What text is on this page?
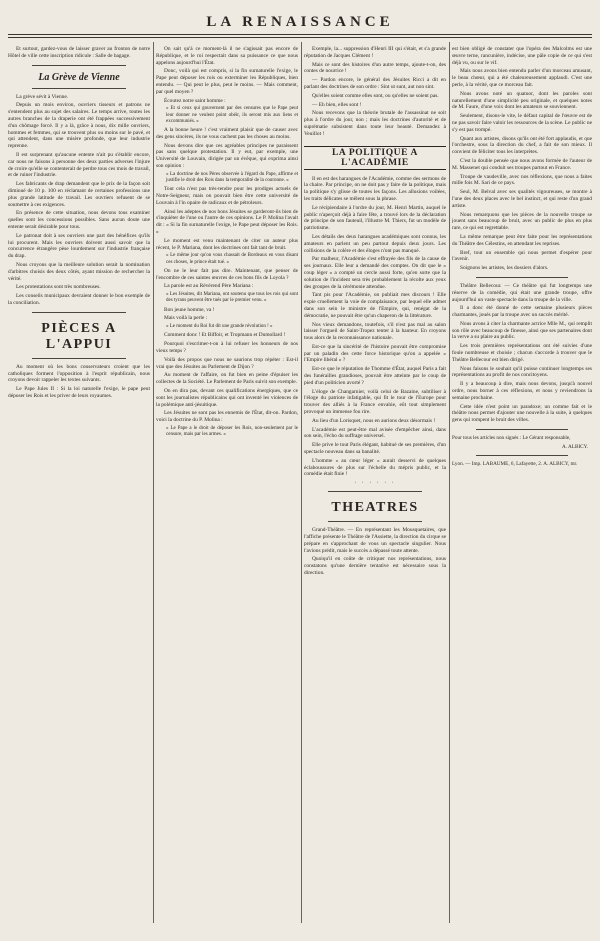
LA RENAISSANCE

Et surtout, gardez-vous de laisser graver au fronton de notre Hôtel de ville cette inscription ridicule : Salle de bagage.

La Grève de Vienne

La grève sévit à Vienne.

Depuis un mois environ, ouvriers tisseurs et patrons ne s'entendent plus au sujet des salaires. Le temps arrive, toutes les autres branches de la draperie ont été frappées successivement d'un chômage forcé. Il y a là, grâce à nous, dix mille ouvriers, hommes et femmes, qui se trouvent plus ou moins sur le pavé, et qui attendent, dans une misère profonde, que leur industrie reprenne.

Il est surprenant qu'aucune entente n'ait pu s'établir encore, car nous ne faisons à personne des deux parties adverses l'injure de croire qu'elle se contenterait de perdre tous ces mois de travail, et de ruiner l'industrie.

Les fabricants de drap demandent que le prix de la façon soit diminué de 10 p. 100 en réclamant de certaines professions une plus grande latitude de travail. Les ouvriers refusent de se soumettre à ces exigences.

En présence de cette situation, nous devons tous examiner quelles sont les concessions possibles. Sans aucun doute une entente serait désirable pour tous.

Le patronat doit à ses ouvriers une part des bénéfices qu'ils lui procurent. Mais les ouvriers doivent aussi savoir que la concurrence étrangère pèse lourdement sur l'industrie française du drap.

Nous croyons que la meilleure solution serait la nomination d'arbitres choisis des deux côtés, ayant mission de rechercher la vérité.

Les protestations sont très nombreuses.

Les conseils municipaux devraient donner le bon exemple de la conciliation.

PIÈCES A L'APPUI

Au moment où les bons conservateurs croient que les catholiques forment l'opposition à l'esprit républicain, nous croyons devoir rappeler les textes suivants.

Le Pape Jules II : Si la loi naturelle l'exige, le pape peut déposer les Rois et les priver de leurs royaumes.

On sait qu'à ce moment-là il ne s'agissait pas encore de République, et le roi respectait dans sa puissance ce que nous appelons aujourd'hui l'État.

Donc, voilà qui est compris, si la fin surnaturelle l'exige, le Pape peut déposer les rois ou exterminer les Républiques, bien entendu. — Qui peut le plus, peut le moins. — Mais comment, par quel moyen ?

Écoutez notre saint homme :

« Et si ceux qui gouvernent par des censures que le Pape peut leur donner ne veulent point obéir, ils seront mis aux liens et excommuniés. »

A la bonne heure ! c'est vraiment plaisir que de causer avec des gens sincères, ils ne vous cachent pas les choses au moins.

Nous devons dire que ces agréables principes ne paraissent pas sans quelque protestation. Il y eut, par exemple, une Université de Louvain, dirigée par un évêque, qui exprima ainsi son opinion :

« La doctrine de nos Pères observée à l'égard du Pape, affirme et justifie le droit des Rois dans la temporalité de la couronne. »

Tout cela n'est pas très-tendre pour les prodiges actuels de Notre-Seigneur, mais on pouvait bien être cette université de Louvain à l'in opaire de radicaux et de pétroleurs.

Ainsi les adeptes de nos bons Jésuites se garderont-ils bien de s'inquiéter de l'une ou l'autre de ces opinions. Le P. Molina l'avait dit : « Si la fin surnaturelle l'exige, le Pape peut déposer les Rois. »

Le moment est venu maintenant de citer un auteur plus récent, le P. Mariana, dont les doctrines ont fait tant de bruit.

« Le même jour qu'on vous chassait de Bordeaux en vous disant ces choses, le prince était tué. »

On ne le leur fait pas dire. Maintenant, que penser de l'encombre de ces saintes œuvres de ces bons fils de Loyola ?

La parole est au Révérend Père Mariana :

« Les Jésuites, dit Mariana, ont soutenu que tous les rois qui sont des tyrans peuvent être tués par le premier venu. »

Bon jeune homme, va !

Mais voilà la perle :

« Le moment du Roi fut dit une grande révolution ! »

Comment donc ! Et Biffoir, et Tropmann et Dumollard !

Pourquoi s'escrimer-t-on à lui refuser les honneurs de nos vieux temps ?

Voilà des propos que nous ne saurions trop répéter : Est-il vrai que des Jésuites au Parlement de Dijon ?

Au moment de l'affaire, on fut bien en peine d'épuiser les collectes de la Société. Le Parlement de Paris suivit son exemple.

On en dira pas, devant ces qualifications énergiques, que ce sont les journalistes républicains qui ont inventé les violences de la polémique anti-jésuitique.

Les Jésuites ne sont pas les ennemis de l'État, dit-on. Pardon, voici la doctrine du P. Molina :

« Le Pape a le droit de déposer les Rois, non-seulement par le censure, mais par les armes. »

Exemple, la... suppression d'Henri III qui s'était, et s'a grande réputation de Jacques Clément !

Mais ce sont des histoires d'un autre temps, ajoute-t-on, des contes de nourrice !

— Pardon encore, le général des Jésuites Ricci a dit en parlant des doctrines de son ordre : Sint ut sunt, aut non sint.

Qu'elles soient comme elles sont, ou qu'elles ne soient pas.

— Eh bien, elles sont !

Nous recevons que la théorie brutale de l'assassinat ne soit plus à l'ordre du jour, non ; mais les doctrines d'autorité et de suprématie subsistent dans toute leur beauté. Demandez à Veuillot !

LA POLITIQUE A L'ACADÉMIE

Il en est des harangues de l'Académie, comme des sermons de la chaire. Par principe, on ne doit pas y faire de la politique, mais la politique s'y glisse de toutes les façons. Les allusions voilées, les traits délicates se mêlent sous la phrase.

Le récipiendaire à l'ordre du jour, M. Henri Martin, auquel le public n'aperçoit déjà à faire fête, a trouvé lors de la déclaration de principe de son fauteuil, l'illustre M. Thiers, fut un modèle de patriotisme.

Les détails des deux harangues académiques sont connus, les amateurs en parlent un peu partout depuis deux jours. Les collisions de la colère et des éloges n'ont pas manqué.

Par malheur, l'Académie s'est effrayée des fils de la cause de ses journaux. Elle leur a demandé des comptes. On dit que le « coup léger » a compté un cercle aussi forte, qu'en sorte que la solution de l'incident sera très probablement la récolte aux yeux des groupes de la cérémonie attendue.

Tant pis pour l'Académie, on publiait mes discours ! Elle expie cruellement la voie de complaisance, par lequel elle admet dans son sein le ministre de l'Empire, qui, renégat de la démocratie, ne pouvait être qu'un chaperon de la littérature.

Nos vieux demandons, toutefois, s'il n'est pas mal au salon laisser l'orgueil de Saint-Tropez tenter à la hauteur. En croyons tous alors de la reconnaissance nationale.

Est-ce que la sincérité de l'histoire pouvait être compromise par un paladin des cette force historique qu'on a appelée « l'Empire libéral » ?

Est-ce que le réputation de Thomme d'État, auquel Paris a fait des funérailles grandioses, pouvait être atteinte par le coup de pied d'un politicien avorté ?

L'éloge de Changarnier, voilà celui de Bazaine, subtiliser à l'éloge du patriote infatigable, qui fit le tour de l'Europe pour trouver des alliés à la France envahie, eût tout simplement provoqué un immense fou rire.

Au lieu d'un Lorisquet, nous en aurions deux désormais !

L'académie est peut-être mal avisée d'empêcher ainsi, dans son sein, l'écho du suffrage universel.

Elle prive le tout Paris élégant, habitué de ses premières, d'un spectacle nouveau dans sa banalité.

L'homme « au cœur léger » aurait desservi de quelques éclaboussures de plus sur l'échelle du mépris public, et la comédie était finie !

· · · · · ·
THEATRES

Grand-Théâtre. — En représentant les Mousquetaires, que l'affiche présente le Théâtre de l'Assiette, la direction du cirque se prépare en s'approchant de vous un spectacle singulier. Nous l'avions prédit, mais le succès a dépassé toute attente.

Quoiqu'il en coûte de critiquer nos représentations, nous constatons qu'une dernière tentative est nécessaire sous la direction.

est bien obligé de constater que l'opéra des Malcolms est une œuvre terne, rancunière, indécise, une pâle copie de ce qui s'est déjà vu, ou sur le vif.

Mais nous avons bien entendu parler d'un morceau amusant, le beau chœur, qui a été chaleureusement applaudi. C'est une perle, à la vérité, que ce morceau fait.

Nous avons noté un quatuor, dont les paroles sont naturellement d'une simplicité peu originale, et quelques notes de M. Faure, d'une voix dont les amateurs se souviennent.

Seulement, disons-le vite, le défaut capital de l'œuvre est de ne pas savoir faire valoir les ressources de la scène. Le public ne s'y est pas trompé.

Quant aux artistes, disons qu'ils ont été fort applaudis, et que l'orchestre, sous la direction du chef, a fait de son mieux. Il convient de féliciter tous les interprètes.

C'est la double pensée que nous avons formée de l'auteur de M. Massenet qui conduit ses troupes partout en France.

Troupe de vaudeville, avec nos réflexions, que nous a faites mille fois M. Sari de ce pays.

Seul, M. Belval avec ses qualités vigoureuses, se montre à l'une des deux places avec le bel instinct, et qui reste d'un grand artiste.

Nous remarquons que les pièces de la nouvelle troupe se jouent sans beaucoup de bruit, avec un public de plus en plus rare, ce qui est regrettable.

La même remarque peut être faite pour les représentations du Théâtre des Célestins, en attendant les reprises.

Bref, tout un ensemble qui nous permet d'espérer pour l'avenir.

Soignons les artistes, les dossiers d'alors.

Théâtre Bellecour. — Ce théâtre qui fut longtemps une réserve de la comédie, qui était une grande troupe, offre aujourd'hui un vaste spectacle dans la troupe de la ville.

Il a donc été donné de cette semaine plusieurs pièces charmantes, joués par la troupe avec un succès mérité.

Nous avons à citer la charmante actrice Mlle M., qui remplit son rôle avec beaucoup de finesse, ainsi que ses partenaires dont la verve a su plaire au public.

Les trois premières représentations ont été suivies d'une foule nombreuse et choisie ; chacun s'accorde à trouver que le Théâtre Bellecour est bien dirigé.

Nous faisons le souhait qu'il puisse continuer longtemps ses représentations au profit de nos concitoyens.

Il y a beaucoup à dire, mais nous devons, jusqu'à nouvel ordre, nous borner à ces réflexions, et nous y reviendrons la semaine prochaine.

Cette idée n'est point un paradoxe; un comme fait et le théâtre nous permet d'ajouter une nouvelle à la suite, à quelques gens qui rompent le bruit des villes.

Pour tous les articles non signés : Le Gérant responsable,

A. ALBICY.

Lyon. — Imp. LABAUME, 6, Lafayette, 2. A. ALBICY, mr.
